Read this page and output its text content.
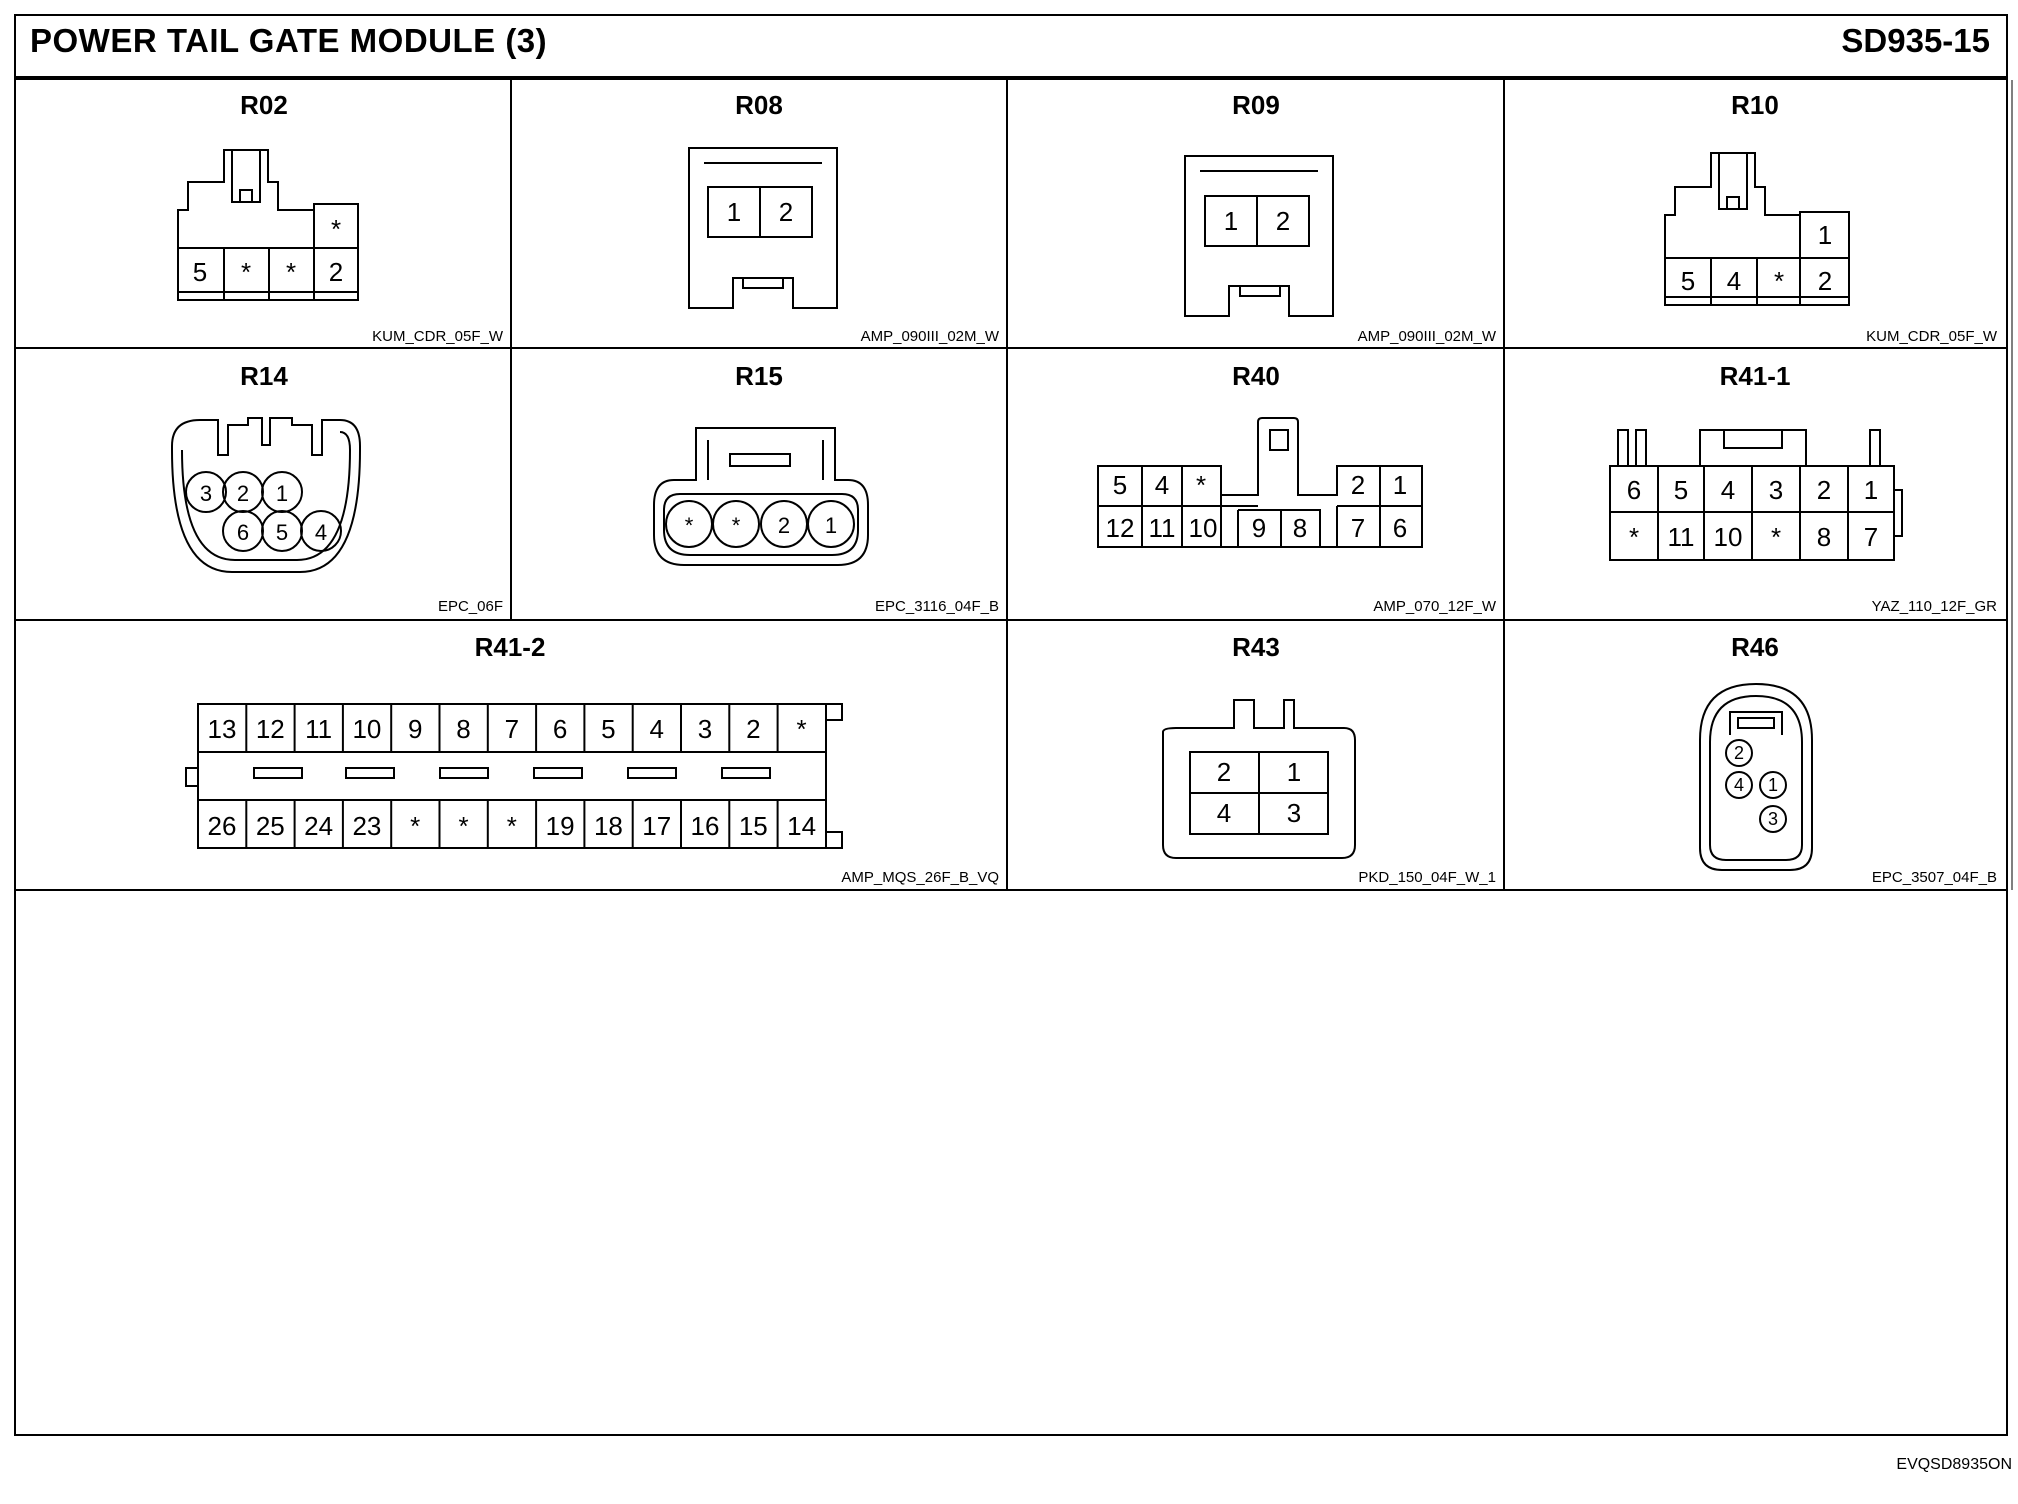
POWER TAIL GATE MODULE (3)	SD935-15
EVQSD8935ON
R02	R08	R09	R10
R14	R15	R40	R41-1
R41-2	R43	R46
KUM_CDR_05F_W	AMP_090III_02M_W	AMP_090III_02M_W	KUM_CDR_05F_W
EPC_06F	EPC_3116_04F_B	AMP_070_12F_W	YAZ_110_12F_GR
AMP_MQS_26F_B_VQ	PKD_150_04F_W_1	EPC_3507_04F_B
*
5 * * 2
1 2	1 2	1
5 4 * 2
3 2 1
6 5 4	* * 2 1
5 4 *	2 1
12 11 10 9 8 7 6
6 5 4 3 2 1
* 11 10 * 8 7
13 12 11 10 9 8 7 6 5 4 3 2 *
26 25 24 23 * * * 19 18 17 16 15 14
2 1
4 3
2
4 1
3
